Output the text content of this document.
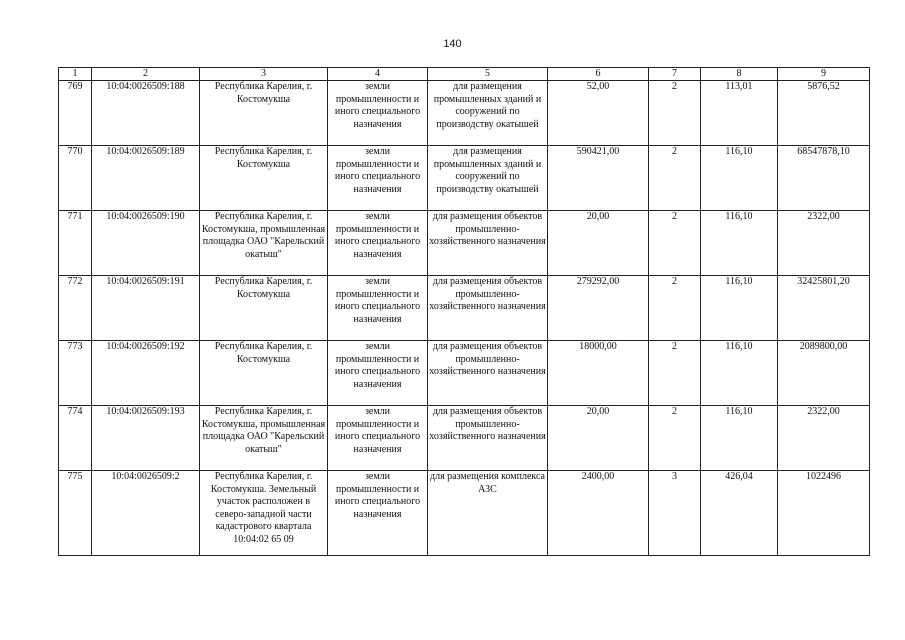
140
1	2	3	4	5	6	7	8	9
769	10:04:0026509:188	Республика Карелия, г. Костомукша	земли промышленности и иного специального назначения	для размещения промышленных зданий и сооружений по производству окатышей	52,00	2	113,01	5876,52
770	10:04:0026509:189	Республика Карелия, г. Костомукша	земли промышленности и иного специального назначения	для размещения промышленных зданий и сооружений по производству окатышей	590421,00	2	116,10	68547878,10
771	10:04:0026509:190	Республика Карелия, г. Костомукша, промышленная площадка ОАО "Карельский окатыш"	земли промышленности и иного специального назначения	для размещения объектов промышленно-хозяйственного назначения	20,00	2	116,10	2322,00
772	10:04:0026509:191	Республика Карелия, г. Костомукша	земли промышленности и иного специального назначения	для размещения объектов промышленно-хозяйственного назначения	279292,00	2	116,10	32425801,20
773	10:04:0026509:192	Республика Карелия, г. Костомукша	земли промышленности и иного специального назначения	для размещения объектов промышленно-хозяйственного назначения	18000,00	2	116,10	2089800,00
774	10:04:0026509:193	Республика Карелия, г. Костомукша, промышленная площадка ОАО "Карельский окатыш"	земли промышленности и иного специального назначения	для размещения объектов промышленно-хозяйственного назначения	20,00	2	116,10	2322,00
775	10:04:0026509:2	Республика Карелия, г. Костомукша. Земельный участок расположен в северо-западной части кадастрового квартала 10:04:02 65 09	земли промышленности и иного специального назначения	для размещения комплекса АЗС	2400,00	3	426,04	1022496
